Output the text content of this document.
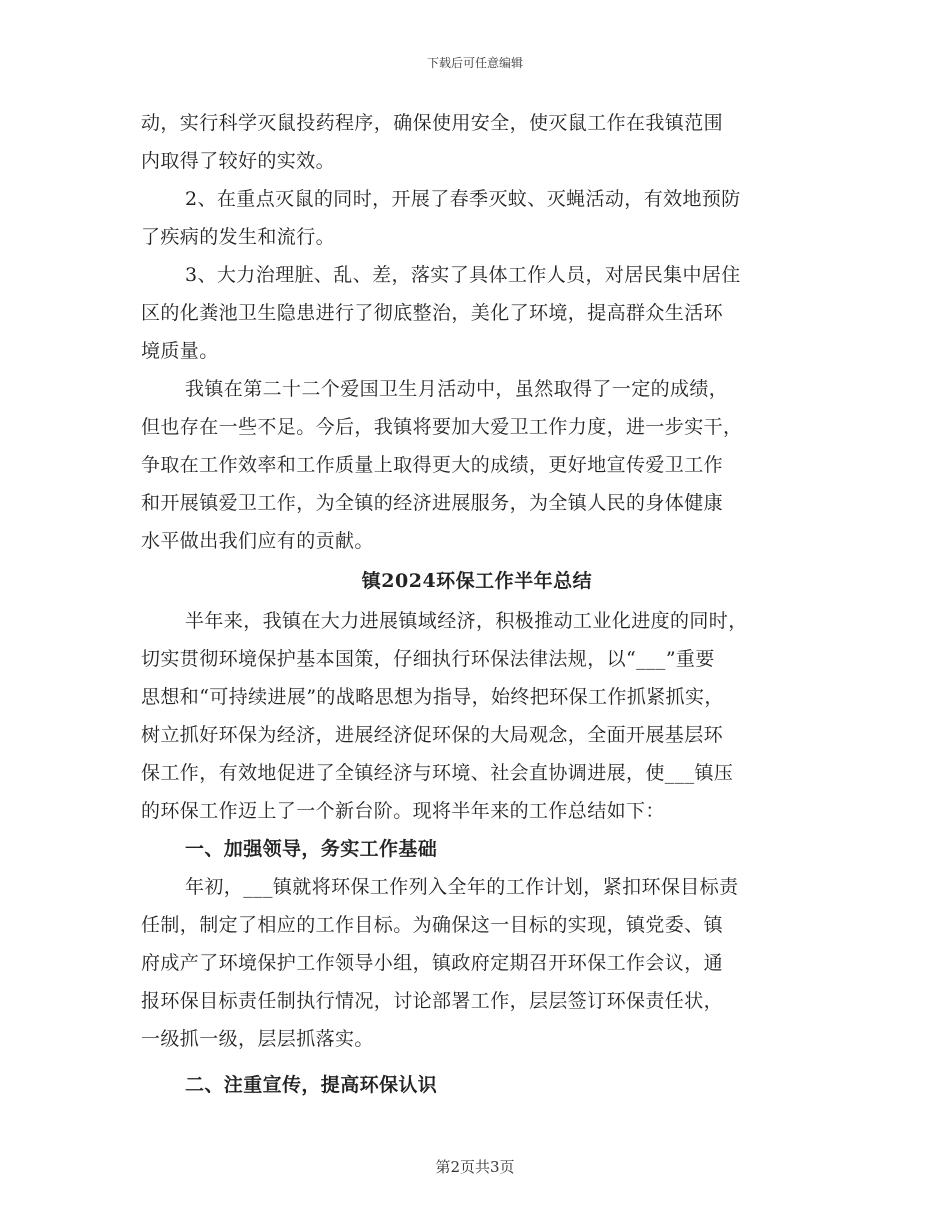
下载后可任意编辑
动，实行科学灭鼠投药程序，确保使用安全，使灭鼠工作在我镇范围
内取得了较好的实效。
2、在重点灭鼠的同时，开展了春季灭蚊、灭蝇活动，有效地预防
了疾病的发生和流行。
3、大力治理脏、乱、差，落实了具体工作人员，对居民集中居住
区的化粪池卫生隐患进行了彻底整治，美化了环境，提高群众生活环
境质量。
我镇在第二十二个爱国卫生月活动中，虽然取得了一定的成绩，
但也存在一些不足。今后，我镇将要加大爱卫工作力度，进一步实干，
争取在工作效率和工作质量上取得更大的成绩，更好地宣传爱卫工作
和开展镇爱卫工作，为全镇的经济进展服务，为全镇人民的身体健康
水平做出我们应有的贡献。
镇2024环保工作半年总结
半年来，我镇在大力进展镇域经济，积极推动工业化进度的同时，
切实贯彻环境保护基本国策，仔细执行环保法律法规，以“___”重要
思想和“可持续进展”的战略思想为指导，始终把环保工作抓紧抓实，
树立抓好环保为经济，进展经济促环保的大局观念，全面开展基层环
保工作，有效地促进了全镇经济与环境、社会直协调进展，使___镇压
的环保工作迈上了一个新台阶。现将半年来的工作总结如下：
一、加强领导，务实工作基础
年初，___镇就将环保工作列入全年的工作计划，紧扣环保目标责
任制，制定了相应的工作目标。为确保这一目标的实现，镇党委、镇
府成产了环境保护工作领导小组，镇政府定期召开环保工作会议，通
报环保目标责任制执行情况，讨论部署工作，层层签订环保责任状，
一级抓一级，层层抓落实。
二、注重宣传，提高环保认识
第2页共3页
